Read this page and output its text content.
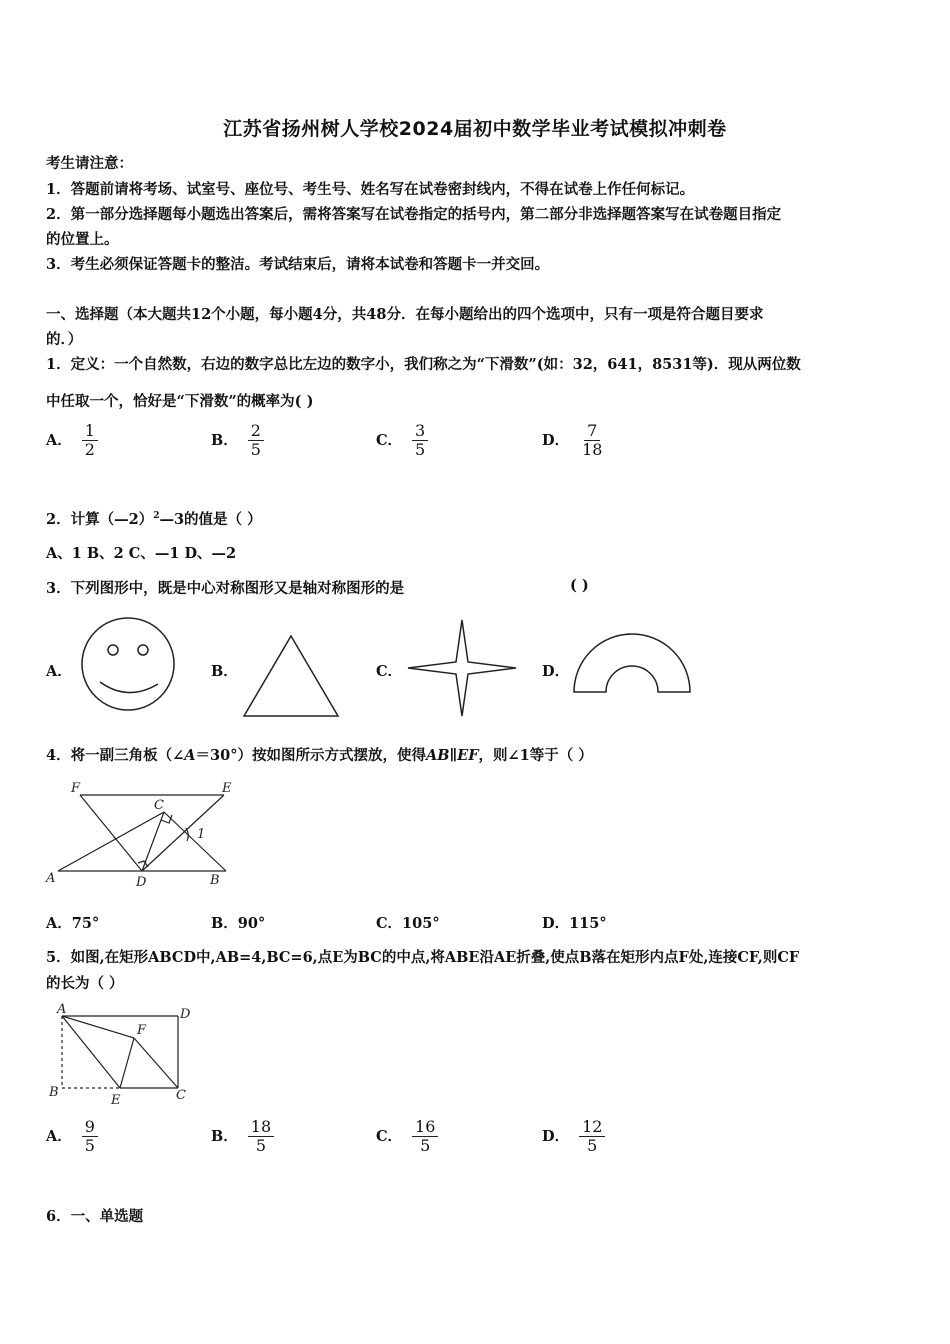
江苏省扬州树人学校2024届初中数学毕业考试模拟冲刺卷
考生请注意：
1．答题前请将考场、试室号、座位号、考生号、姓名写在试卷密封线内，不得在试卷上作任何标记。
2．第一部分选择题每小题选出答案后，需将答案写在试卷指定的括号内，第二部分非选择题答案写在试卷题目指定
的位置上。
3．考生必须保证答题卡的整洁。考试结束后，请将本试卷和答题卡一并交回。
一、选择题（本大题共12个小题，每小题4分，共48分．在每小题给出的四个选项中，只有一项是符合题目要求
的．）
1．定义：一个自然数，右边的数字总比左边的数字小，我们称之为“下滑数”(如：32，641，8531等)．现从两位数
中任取一个，恰好是“下滑数”的概率为( )
A． $\frac{1}{2}$	B． $\frac{2}{5}$	C． $\frac{3}{5}$	D． $\frac{7}{18}$
2．计算（—2）$^2$—3的值是（ ）
A、1 B、2 C、—1 D、—2
3．下列图形中，既是中心对称图形又是轴对称图形的是	( )
A．	B．	C．	D．
4．将一副三角板（∠A＝30°）按如图所示方式摆放，使得AB∥EF，则∠1等于（ ）
F	E
C
1
A	D	B
A．75°	B．90°	C．105°	D．115°
5．如图,在矩形ABCD中,AB=4,BC=6,点E为BC的中点,将ABE沿AE折叠,使点B落在矩形内点F处,连接CF,则CF
的长为（ ）
A	D
F
B
E	C
A． $\frac{9}{5}$	B． $\frac{18}{5}$	C． $\frac{16}{5}$	D． $\frac{12}{5}$
6．一、单选题
